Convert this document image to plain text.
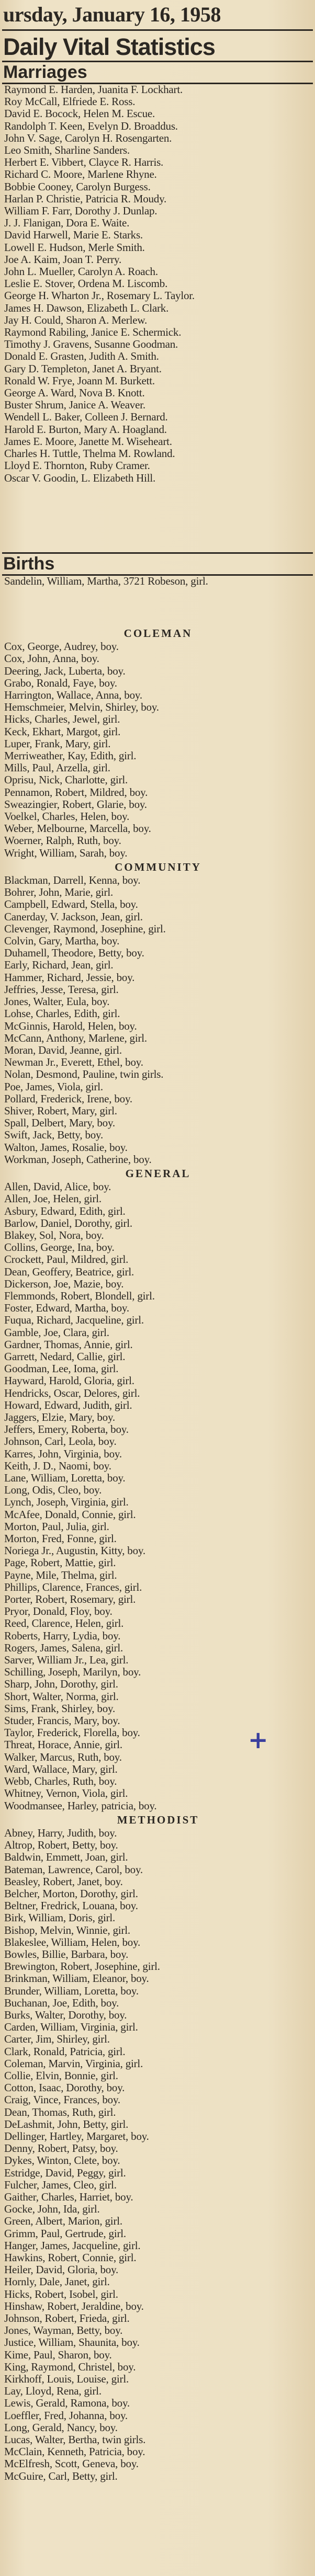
ursday, January 16, 1958
Daily Vital Statistics
Marriages

Raymond E. Harden, Juanita F. Lockhart.

Roy McCall, Elfriede E. Ross.

David E. Bocock, Helen M. Escue.

Randolph T. Keen, Evelyn D. Broaddus.

John V. Sage, Carolyn H. Rosengarten.

Leo Smith, Sharline Sanders.

Herbert E. Vibbert, Clayce R. Harris.

Richard C. Moore, Marlene Rhyne.

Bobbie Cooney, Carolyn Burgess.

Harlan P. Christie, Patricia R. Moudy.

William F. Farr, Dorothy J. Dunlap.

J. J. Flanigan, Dora E. Waite.

David Harwell, Marie E. Starks.

Lowell E. Hudson, Merle Smith.

Joe A. Kaim, Joan T. Perry.

John L. Mueller, Carolyn A. Roach.

Leslie E. Stover, Ordena M. Liscomb.

George H. Wharton Jr., Rosemary L. Taylor.

James H. Dawson, Elizabeth L. Clark.

Jay H. Could, Sharon A. Merlew.

Raymond Rabiling, Janice E. Schermick.

Timothy J. Gravens, Susanne Goodman.

Donald E. Grasten, Judith A. Smith.

Gary D. Templeton, Janet A. Bryant.

Ronald W. Frye, Joann M. Burkett.

George A. Ward, Nova B. Knott.

Buster Shrum, Janice A. Weaver.

Wendell L. Baker, Colleen J. Bernard.

Harold E. Burton, Mary A. Hoagland.

James E. Moore, Janette M. Wiseheart.

Charles H. Tuttle, Thelma M. Rowland.

Lloyd E. Thornton, Ruby Cramer.

Oscar V. Goodin, L. Elizabeth Hill.

Births

Sandelin, William, Martha, 3721 Robeson, girl.

COLEMAN

Cox, George, Audrey, boy.

Cox, John, Anna, boy.

Deering, Jack, Luberta, boy.

Grabo, Ronald, Faye, boy.

Harrington, Wallace, Anna, boy.

Hemschmeier, Melvin, Shirley, boy.

Hicks, Charles, Jewel, girl.

Keck, Ekhart, Margot, girl.

Luper, Frank, Mary, girl.

Merriweather, Kay, Edith, girl.

Mills, Paul, Arzella, girl.

Oprisu, Nick, Charlotte, girl.

Pennamon, Robert, Mildred, boy.

Sweazingier, Robert, Glarie, boy.

Voelkel, Charles, Helen, boy.

Weber, Melbourne, Marcella, boy.

Woerner, Ralph, Ruth, boy.

Wright, William, Sarah, boy.

COMMUNITY

Blackman, Darrell, Kenna, boy.

Bohrer, John, Marie, girl.

Campbell, Edward, Stella, boy.

Canerday, V. Jackson, Jean, girl.

Clevenger, Raymond, Josephine, girl.

Colvin, Gary, Martha, boy.

Duhamell, Theodore, Betty, boy.

Early, Richard, Jean, girl.

Hammer, Richard, Jessie, boy.

Jeffries, Jesse, Teresa, girl.

Jones, Walter, Eula, boy.

Lohse, Charles, Edith, girl.

McGinnis, Harold, Helen, boy.

McCann, Anthony, Marlene, girl.

Moran, David, Jeanne, girl.

Newman Jr., Everett, Ethel, boy.

Nolan, Desmond, Pauline, twin girls.

Poe, James, Viola, girl.

Pollard, Frederick, Irene, boy.

Shiver, Robert, Mary, girl.

Spall, Delbert, Mary, boy.

Swift, Jack, Betty, boy.

Walton, James, Rosalie, boy.

Workman, Joseph, Catherine, boy.

GENERAL

Allen, David, Alice, boy.

Allen, Joe, Helen, girl.

Asbury, Edward, Edith, girl.

Barlow, Daniel, Dorothy, girl.

Blakey, Sol, Nora, boy.

Collins, George, Ina, boy.

Crockett, Paul, Mildred, girl.

Dean, Geoffery, Beatrice, girl.

Dickerson, Joe, Mazie, boy.

Flemmonds, Robert, Blondell, girl.

Foster, Edward, Martha, boy.

Fuqua, Richard, Jacqueline, girl.

Gamble, Joe, Clara, girl.

Gardner, Thomas, Annie, girl.

Garrett, Nedard, Callie, girl.

Goodman, Lee, Ioma, girl.

Hayward, Harold, Gloria, girl.

Hendricks, Oscar, Delores, girl.

Howard, Edward, Judith, girl.

Jaggers, Elzie, Mary, boy.

Jeffers, Emery, Roberta, boy.

Johnson, Carl, Leola, boy.

Karres, John, Virginia, boy.

Keith, J. D., Naomi, boy.

Lane, William, Loretta, boy.

Long, Odis, Cleo, boy.

Lynch, Joseph, Virginia, girl.

McAfee, Donald, Connie, girl.

Morton, Paul, Julia, girl.

Morton, Fred, Fonne, girl.

Noriega Jr., Augustin, Kitty, boy.

Page, Robert, Mattie, girl.

Payne, Mile, Thelma, girl.

Phillips, Clarence, Frances, girl.

Porter, Robert, Rosemary, girl.

Pryor, Donald, Floy, boy.

Reed, Clarence, Helen, girl.

Roberts, Harry, Lydia, boy.

Rogers, James, Salena, girl.

Sarver, William Jr., Lea, girl.

Schilling, Joseph, Marilyn, boy.

Sharp, John, Dorothy, girl.

Short, Walter, Norma, girl.

Sims, Frank, Shirley, boy.

Studer, Francis, Mary, boy.

Taylor, Frederick, Florella, boy.

Threat, Horace, Annie, girl.

Walker, Marcus, Ruth, boy.

Ward, Wallace, Mary, girl.

Webb, Charles, Ruth, boy.

Whitney, Vernon, Viola, girl.

Woodmansee, Harley, patricia, boy.

METHODIST

Abney, Harry, Judith, boy.

Altrop, Robert, Betty, boy.

Baldwin, Emmett, Joan, girl.

Bateman, Lawrence, Carol, boy.

Beasley, Robert, Janet, boy.

Belcher, Morton, Dorothy, girl.

Beltner, Fredrick, Louana, boy.

Birk, William, Doris, girl.

Bishop, Melvin, Winnie, girl.

Blakeslee, William, Helen, boy.

Bowles, Billie, Barbara, boy.

Brewington, Robert, Josephine, girl.

Brinkman, William, Eleanor, boy.

Brunder, William, Loretta, boy.

Buchanan, Joe, Edith, boy.

Burks, Walter, Dorothy, boy.

Carden, William, Virginia, girl.

Carter, Jim, Shirley, girl.

Clark, Ronald, Patricia, girl.

Coleman, Marvin, Virginia, girl.

Collie, Elvin, Bonnie, girl.

Cotton, Isaac, Dorothy, boy.

Craig, Vince, Frances, boy.

Dean, Thomas, Ruth, girl.

DeLashmit, John, Betty, girl.

Dellinger, Hartley, Margaret, boy.

Denny, Robert, Patsy, boy.

Dykes, Winton, Clete, boy.

Estridge, David, Peggy, girl.

Fulcher, James, Cleo, girl.

Gaither, Charles, Harriet, boy.

Gocke, John, Ida, girl.

Green, Albert, Marion, girl.

Grimm, Paul, Gertrude, girl.

Hanger, James, Jacqueline, girl.

Hawkins, Robert, Connie, girl.

Heiler, David, Gloria, boy.

Hornly, Dale, Janet, girl.

Hicks, Robert, Isobel, girl.

Hinshaw, Robert, Jeraldine, boy.

Johnson, Robert, Frieda, girl.

Jones, Wayman, Betty, boy.

Justice, William, Shaunita, boy.

Kime, Paul, Sharon, boy.

King, Raymond, Christel, boy.

Kirkhoff, Louis, Louise, girl.

Lay, Lloyd, Rena, girl.

Lewis, Gerald, Ramona, boy.

Loeffler, Fred, Johanna, boy.

Long, Gerald, Nancy, boy.

Lucas, Walter, Bertha, twin girls.

McClain, Kenneth, Patricia, boy.

McElfresh, Scott, Geneva, boy.

McGuire, Carl, Betty, girl.

+
